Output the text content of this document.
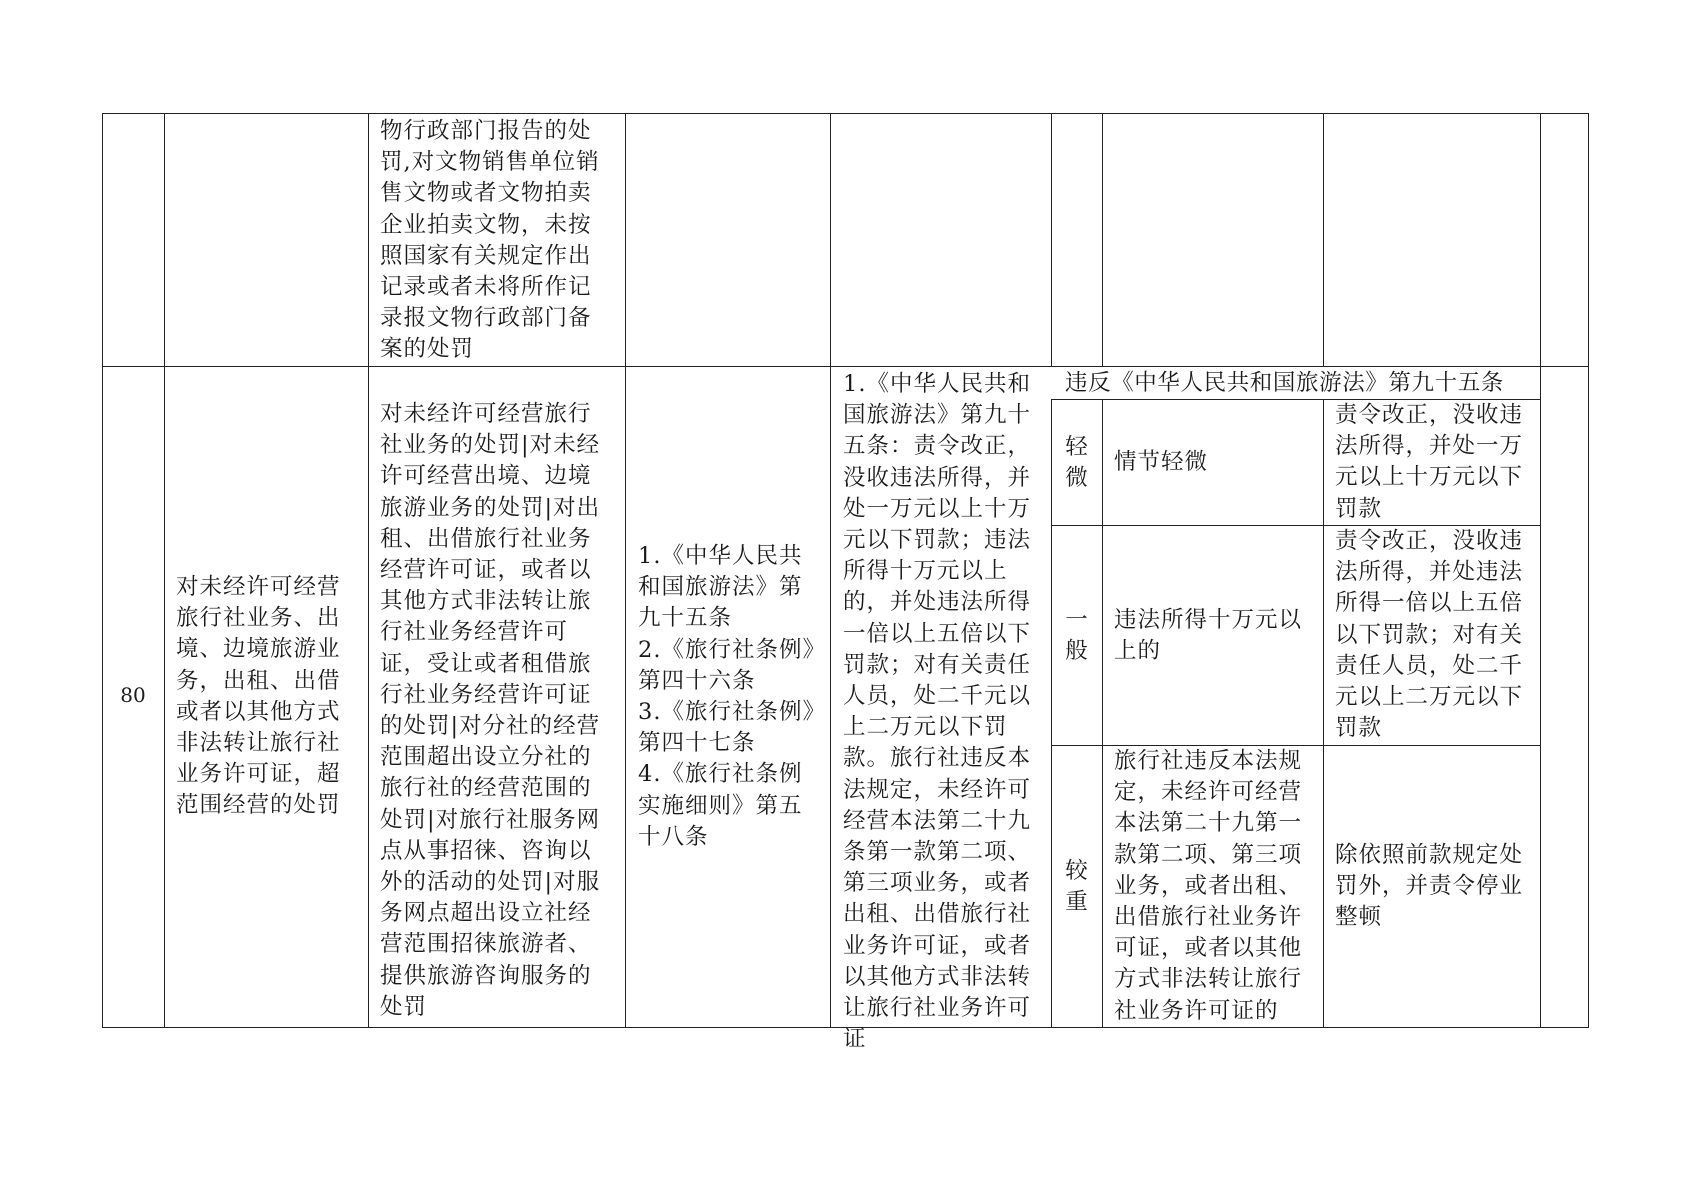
物行政部门报告的处罚,对文物销售单位销售文物或者文物拍卖企业拍卖文物，未按照国家有关规定作出记录或者未将所作记录报文物行政部门备案的处罚
80
对未经许可经营旅行社业务、出境、边境旅游业务，出租、出借或者以其他方式非法转让旅行社业务许可证，超范围经营的处罚
对未经许可经营旅行社业务的处罚|对未经许可经营出境、边境旅游业务的处罚|对出租、出借旅行社业务经营许可证，或者以其他方式非法转让旅行社业务经营许可证，受让或者租借旅行社业务经营许可证的处罚|对分社的经营范围超出设立分社的旅行社的经营范围的处罚|对旅行社服务网点从事招徕、咨询以外的活动的处罚|对服务网点超出设立社经营范围招徕旅游者、提供旅游咨询服务的处罚
1.《中华人民共和国旅游法》第九十五条
2.《旅行社条例》第四十六条
3.《旅行社条例》第四十七条
4.《旅行社条例实施细则》第五十八条
1.《中华人民共和国旅游法》第九十五条：责令改正，没收违法所得，并处一万元以上十万元以下罚款；违法所得十万元以上的，并处违法所得一倍以上五倍以下罚款；对有关责任人员，处二千元以上二万元以下罚款。旅行社违反本法规定，未经许可经营本法第二十九条第一款第二项、第三项业务，或者出租、出借旅行社业务许可证，或者以其他方式非法转让旅行社业务许可证
违反《中华人民共和国旅游法》第九十五条
轻微
情节轻微
责令改正，没收违法所得，并处一万元以上十万元以下罚款
一般
违法所得十万元以上的
责令改正，没收违法所得，并处违法所得一倍以上五倍以下罚款；对有关责任人员，处二千元以上二万元以下罚款
较重
旅行社违反本法规定，未经许可经营本法第二十九第一款第二项、第三项业务，或者出租、出借旅行社业务许可证，或者以其他方式非法转让旅行社业务许可证的
除依照前款规定处罚外，并责令停业整顿
